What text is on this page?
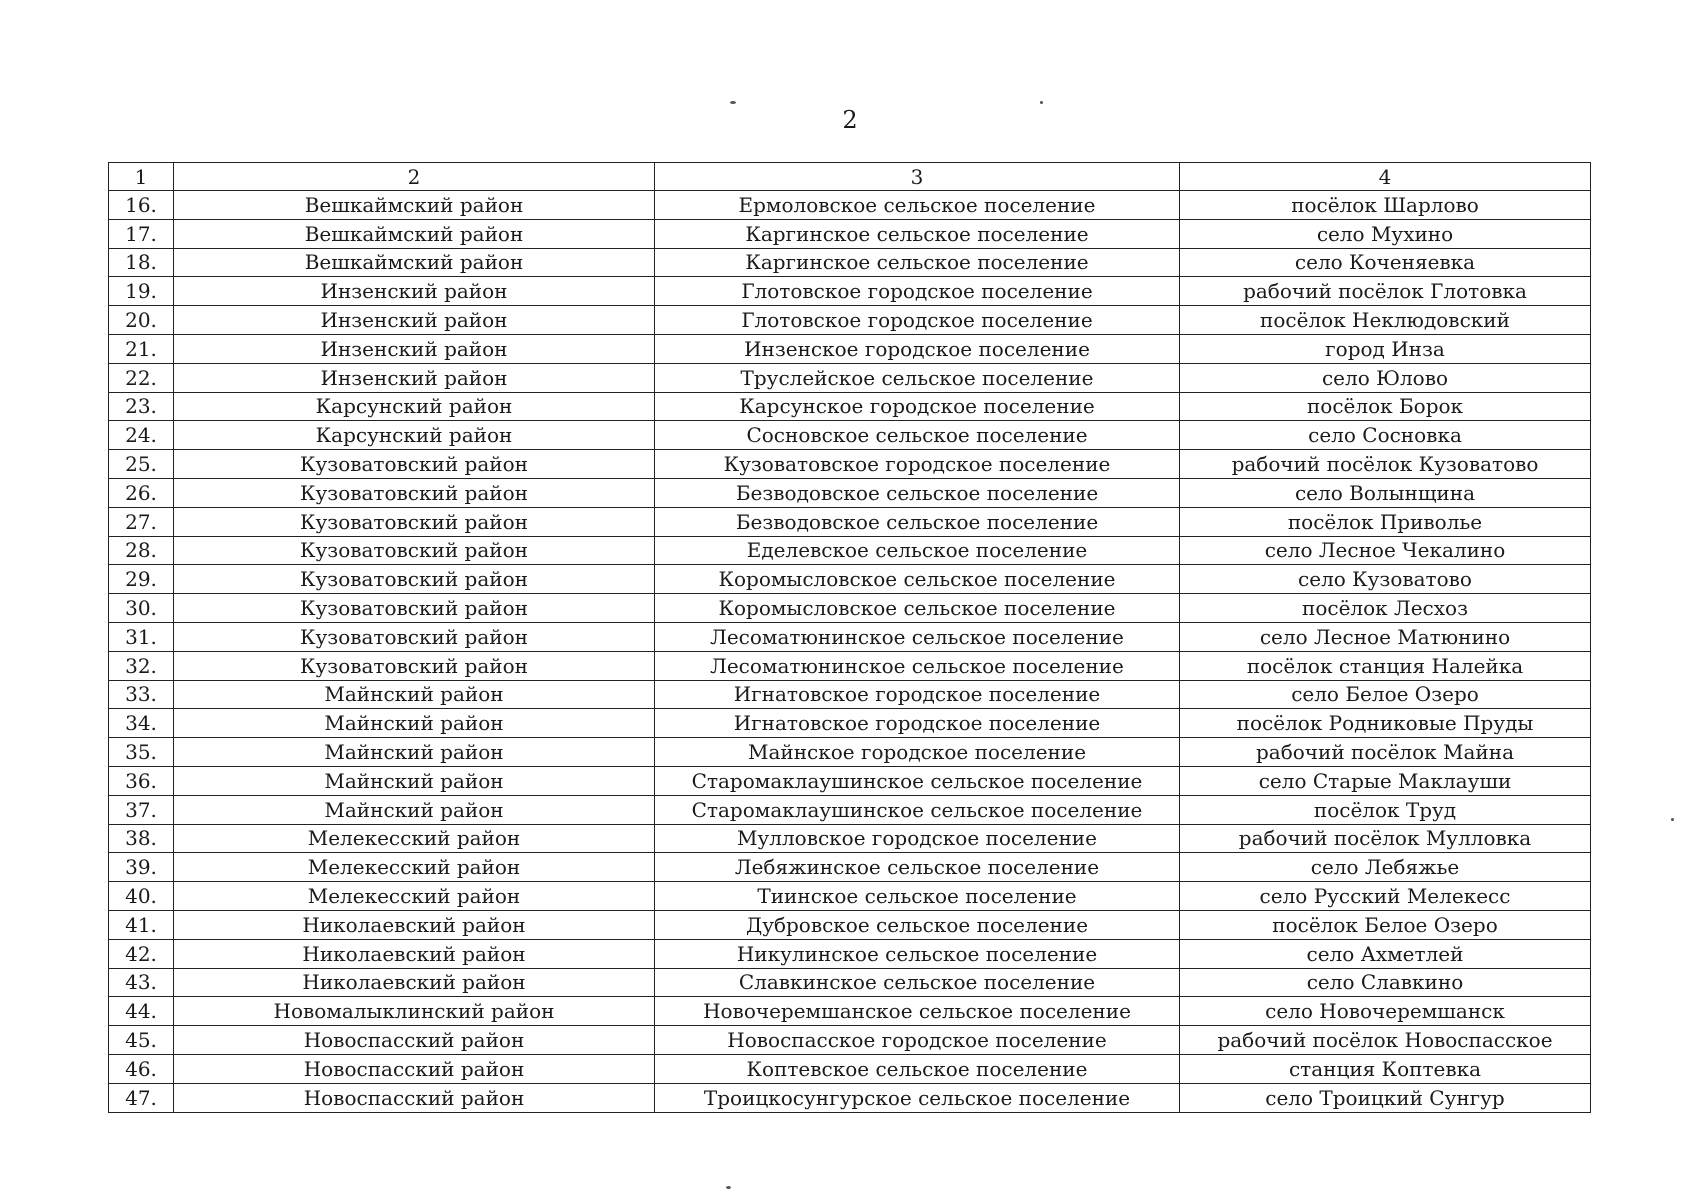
2
1	2	3	4
16.	Вешкаймский район	Ермоловское сельское поселение	посёлок Шарлово
17.	Вешкаймский район	Каргинское сельское поселение	село Мухино
18.	Вешкаймский район	Каргинское сельское поселение	село Коченяевка
19.	Инзенский район	Глотовское городское поселение	рабочий посёлок Глотовка
20.	Инзенский район	Глотовское городское поселение	посёлок Неклюдовский
21.	Инзенский район	Инзенское городское поселение	город Инза
22.	Инзенский район	Труслейское сельское поселение	село Юлово
23.	Карсунский район	Карсунское городское поселение	посёлок Борок
24.	Карсунский район	Сосновское сельское поселение	село Сосновка
25.	Кузоватовский район	Кузоватовское городское поселение	рабочий посёлок Кузоватово
26.	Кузоватовский район	Безводовское сельское поселение	село Волынщина
27.	Кузоватовский район	Безводовское сельское поселение	посёлок Приволье
28.	Кузоватовский район	Еделевское сельское поселение	село Лесное Чекалино
29.	Кузоватовский район	Коромысловское сельское поселение	село Кузоватово
30.	Кузоватовский район	Коромысловское сельское поселение	посёлок Лесхоз
31.	Кузоватовский район	Лесоматюнинское сельское поселение	село Лесное Матюнино
32.	Кузоватовский район	Лесоматюнинское сельское поселение	посёлок станция Налейка
33.	Майнский район	Игнатовское городское поселение	село Белое Озеро
34.	Майнский район	Игнатовское городское поселение	посёлок Родниковые Пруды
35.	Майнский район	Майнское городское поселение	рабочий посёлок Майна
36.	Майнский район	Старомаклаушинское сельское поселение	село Старые Маклауши
37.	Майнский район	Старомаклаушинское сельское поселение	посёлок Труд
38.	Мелекесский район	Мулловское городское поселение	рабочий посёлок Мулловка
39.	Мелекесский район	Лебяжинское сельское поселение	село Лебяжье
40.	Мелекесский район	Тиинское сельское поселение	село Русский Мелекесс
41.	Николаевский район	Дубровское сельское поселение	посёлок Белое Озеро
42.	Николаевский район	Никулинское сельское поселение	село Ахметлей
43.	Николаевский район	Славкинское сельское поселение	село Славкино
44.	Новомалыклинский район	Новочеремшанское сельское поселение	село Новочеремшанск
45.	Новоспасский район	Новоспасское городское поселение	рабочий посёлок Новоспасское
46.	Новоспасский район	Коптевское сельское поселение	станция Коптевка
47.	Новоспасский район	Троицкосунгурское сельское поселение	село Троицкий Сунгур
